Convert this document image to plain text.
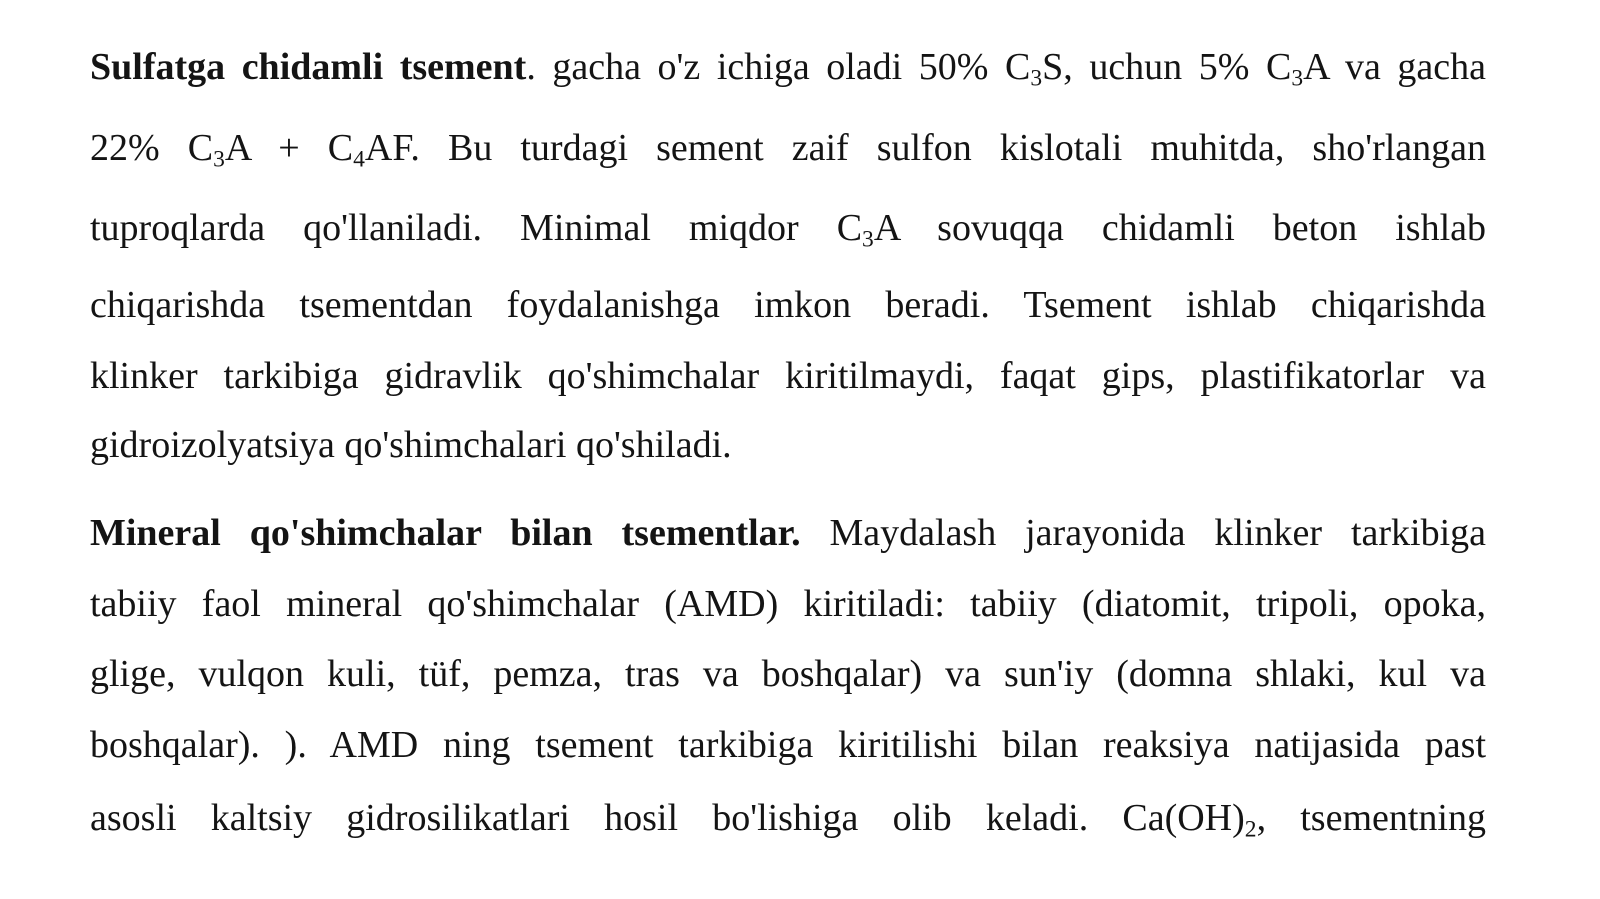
Sulfatga chidamli tsement. gacha o'z ichiga oladi 50% $C_3S$, uchun 5% $C_3A$ va gacha
22% $C_3A + C_4AF$. Bu turdagi sement zaif sulfon kislotali muhitda, sho'rlangan
tuproqlarda qo'llaniladi. Minimal miqdor $C_3A$ sovuqqa chidamli beton ishlab
chiqarishda tsementdan foydalanishga imkon beradi. Tsement ishlab chiqarishda
klinker tarkibiga gidravlik qo'shimchalar kiritilmaydi, faqat gips, plastifikatorlar va
gidroizolyatsiya qo'shimchalari qo'shiladi.
Mineral qo'shimchalar bilan tsementlar. Maydalash jarayonida klinker tarkibiga
tabiiy faol mineral qo'shimchalar (AMD) kiritiladi: tabiiy (diatomit, tripoli, opoka,
glige, vulqon kuli, tüf, pemza, tras va boshqalar) va sun'iy (domna shlaki, kul va
boshqalar). ). AMD ning tsement tarkibiga kiritilishi bilan reaksiya natijasida past
asosli kaltsiy gidrosilikatlari hosil bo'lishiga olib keladi. $Ca(OH)_2$, tsementning
